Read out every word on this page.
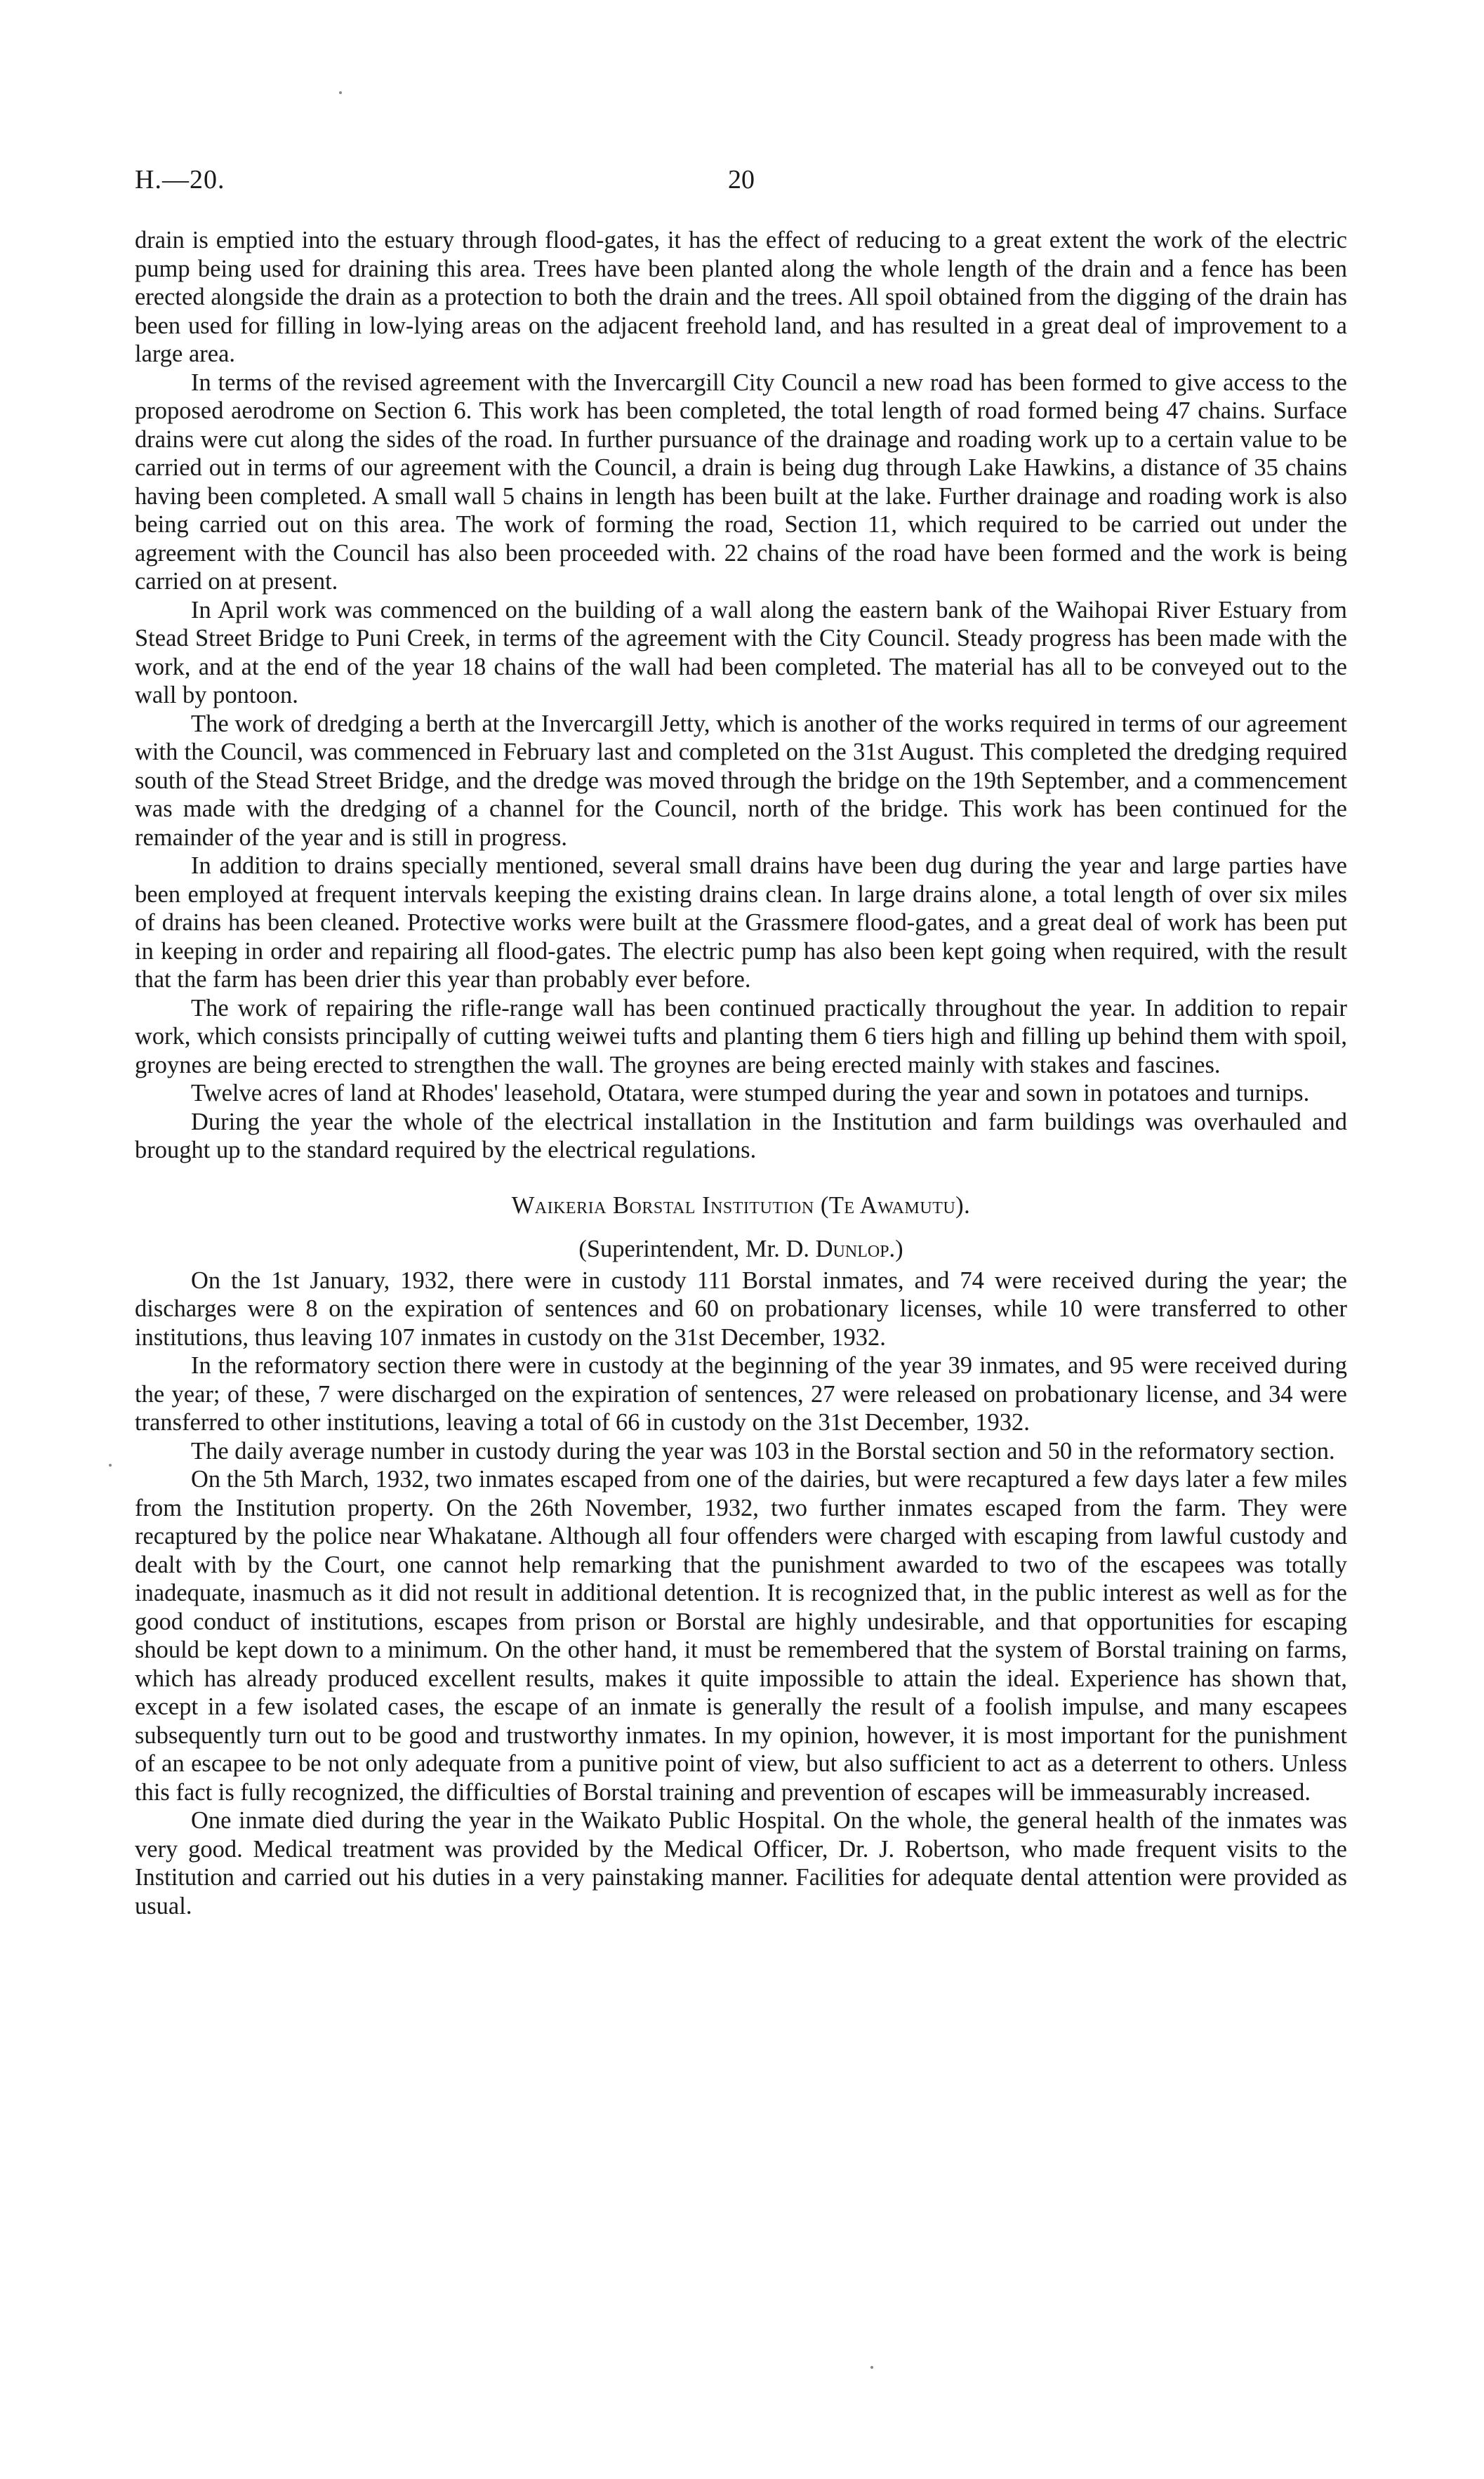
H.—20.	20

drain is emptied into the estuary through flood-gates, it has the effect of reducing to a great extent the work of the electric pump being used for draining this area. Trees have been planted along the whole length of the drain and a fence has been erected alongside the drain as a protection to both the drain and the trees. All spoil obtained from the digging of the drain has been used for filling in low-lying areas on the adjacent freehold land, and has resulted in a great deal of improvement to a large area.

In terms of the revised agreement with the Invercargill City Council a new road has been formed to give access to the proposed aerodrome on Section 6. This work has been completed, the total length of road formed being 47 chains. Surface drains were cut along the sides of the road. In further pursuance of the drainage and roading work up to a certain value to be carried out in terms of our agreement with the Council, a drain is being dug through Lake Hawkins, a distance of 35 chains having been completed. A small wall 5 chains in length has been built at the lake. Further drainage and roading work is also being carried out on this area. The work of forming the road, Section 11, which required to be carried out under the agreement with the Council has also been proceeded with. 22 chains of the road have been formed and the work is being carried on at present.

In April work was commenced on the building of a wall along the eastern bank of the Waihopai River Estuary from Stead Street Bridge to Puni Creek, in terms of the agreement with the City Council. Steady progress has been made with the work, and at the end of the year 18 chains of the wall had been completed. The material has all to be conveyed out to the wall by pontoon.

The work of dredging a berth at the Invercargill Jetty, which is another of the works required in terms of our agreement with the Council, was commenced in February last and completed on the 31st August. This completed the dredging required south of the Stead Street Bridge, and the dredge was moved through the bridge on the 19th September, and a commencement was made with the dredging of a channel for the Council, north of the bridge. This work has been continued for the remainder of the year and is still in progress.

In addition to drains specially mentioned, several small drains have been dug during the year and large parties have been employed at frequent intervals keeping the existing drains clean. In large drains alone, a total length of over six miles of drains has been cleaned. Protective works were built at the Grassmere flood-gates, and a great deal of work has been put in keeping in order and repairing all flood-gates. The electric pump has also been kept going when required, with the result that the farm has been drier this year than probably ever before.

The work of repairing the rifle-range wall has been continued practically throughout the year. In addition to repair work, which consists principally of cutting weiwei tufts and planting them 6 tiers high and filling up behind them with spoil, groynes are being erected to strengthen the wall. The groynes are being erected mainly with stakes and fascines.

Twelve acres of land at Rhodes' leasehold, Otatara, were stumped during the year and sown in potatoes and turnips.

During the year the whole of the electrical installation in the Institution and farm buildings was overhauled and brought up to the standard required by the electrical regulations.

Waikeria Borstal Institution (Te Awamutu).
(Superintendent, Mr. D. Dunlop.)

On the 1st January, 1932, there were in custody 111 Borstal inmates, and 74 were received during the year; the discharges were 8 on the expiration of sentences and 60 on probationary licenses, while 10 were transferred to other institutions, thus leaving 107 inmates in custody on the 31st December, 1932.

In the reformatory section there were in custody at the beginning of the year 39 inmates, and 95 were received during the year; of these, 7 were discharged on the expiration of sentences, 27 were released on probationary license, and 34 were transferred to other institutions, leaving a total of 66 in custody on the 31st December, 1932.

The daily average number in custody during the year was 103 in the Borstal section and 50 in the reformatory section.

On the 5th March, 1932, two inmates escaped from one of the dairies, but were recaptured a few days later a few miles from the Institution property. On the 26th November, 1932, two further inmates escaped from the farm. They were recaptured by the police near Whakatane. Although all four offenders were charged with escaping from lawful custody and dealt with by the Court, one cannot help remarking that the punishment awarded to two of the escapees was totally inadequate, inasmuch as it did not result in additional detention. It is recognized that, in the public interest as well as for the good conduct of institutions, escapes from prison or Borstal are highly undesirable, and that opportunities for escaping should be kept down to a minimum. On the other hand, it must be remembered that the system of Borstal training on farms, which has already produced excellent results, makes it quite impossible to attain the ideal. Experience has shown that, except in a few isolated cases, the escape of an inmate is generally the result of a foolish impulse, and many escapees subsequently turn out to be good and trustworthy inmates. In my opinion, however, it is most important for the punishment of an escapee to be not only adequate from a punitive point of view, but also sufficient to act as a deterrent to others. Unless this fact is fully recognized, the difficulties of Borstal training and prevention of escapes will be immeasurably increased.

One inmate died during the year in the Waikato Public Hospital. On the whole, the general health of the inmates was very good. Medical treatment was provided by the Medical Officer, Dr. J. Robertson, who made frequent visits to the Institution and carried out his duties in a very painstaking manner. Facilities for adequate dental attention were provided as usual.
